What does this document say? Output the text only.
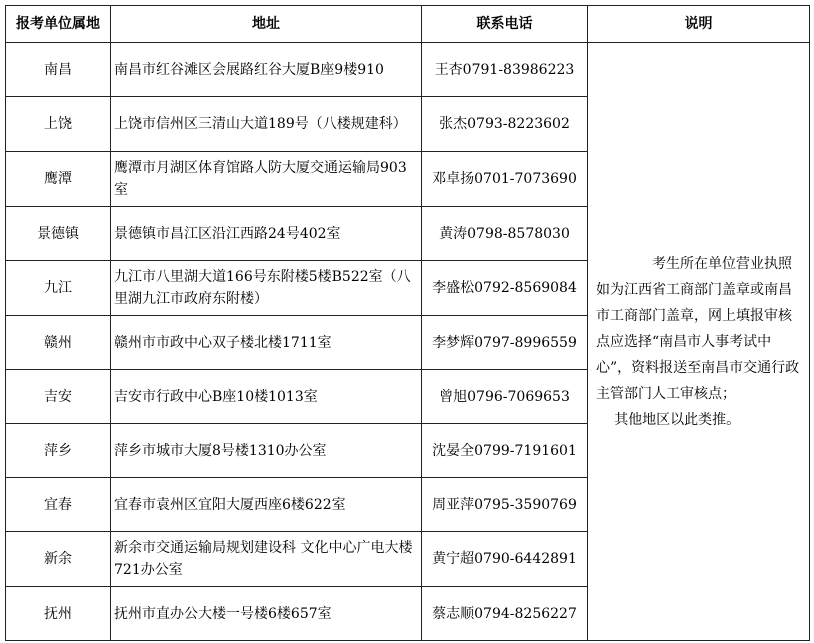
报考单位属地	地址	联系电话	说明
南昌	南昌市红谷滩区会展路红谷大厦B座9楼910	王杏0791-83986223	考生所在单位营业执照 如为江西省工商部门盖章或南昌市工商部门盖章，网上填报审核点应选择“南昌市人事考试中心”，资料报送至南昌市交通行政主管部门人工审核点；
其他地区以此类推。

上饶	上饶市信州区三清山大道189号（八楼规建科）	张杰0793-8223602	
鹰潭	鹰潭市月湖区体育馆路人防大厦交通运输局903室	邓卓扬0701-7073690	
景德镇	景德镇市昌江区沿江西路24号402室	黄涛0798-8578030	
九江	九江市八里湖大道166号东附楼5楼B522室（八里湖九江市政府东附楼）	李盛松0792-8569084	
赣州	赣州市市政中心双子楼北楼1711室	李梦辉0797-8996559	
吉安	吉安市行政中心B座10楼1013室	曾旭0796-7069653	
萍乡	萍乡市城市大厦8号楼1310办公室	沈晏全0799-7191601	
宜春	宜春市袁州区宜阳大厦西座6楼622室	周亚萍0795-3590769	
新余	新余市交通运输局规划建设科 文化中心广电大楼721办公室	黄宁超0790-6442891	
抚州	抚州市直办公大楼一号楼6楼657室	蔡志顺0794-8256227	
